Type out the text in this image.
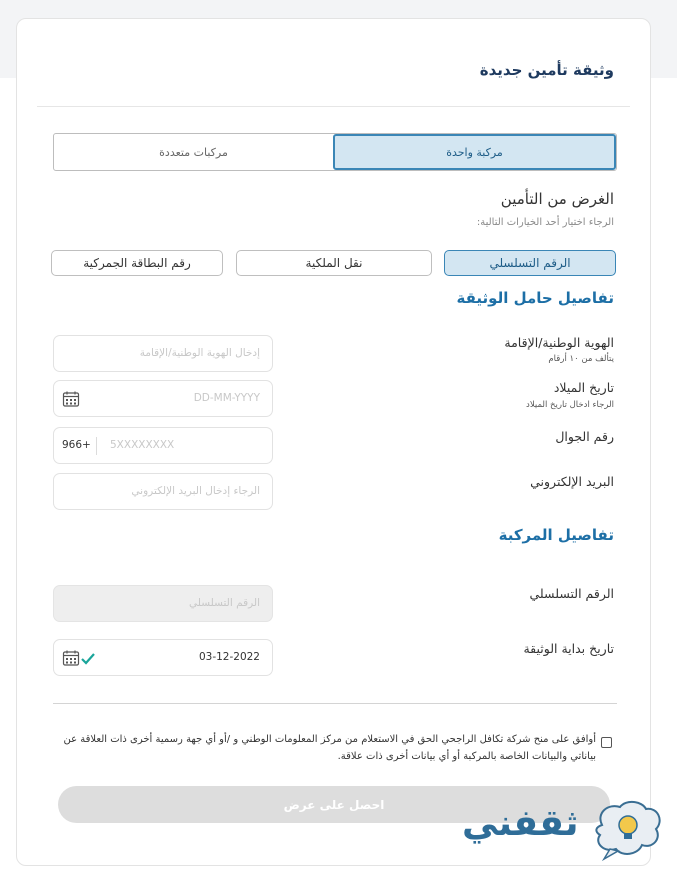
وثيقة تأمين جديدة
مركبة واحدة
مركبات متعددة
الغرض من التأمين
الرجاء اختيار أحد الخيارات التالية:
الرقم التسلسلي
نقل الملكية
رقم البطاقة الجمركية
تفاصيل حامل الوثيقة
الهوية الوطنية/الإقامة
يتألف من ١٠ أرقام
إدخال الهوية الوطنية/الإقامة
تاريخ الميلاد
الرجاء ادخال تاريخ الميلاد
DD-MM-YYYY
رقم الجوال
966+ 5XXXXXXXX
البريد الإلكتروني
الرجاء إدخال البريد الإلكتروني
تفاصيل المركبة
الرقم التسلسلي
الرقم التسلسلي
تاريخ بداية الوثيقة
03-12-2022
أوافق على منح شركة تكافل الراجحي الحق في الاستعلام من مركز المعلومات الوطني و /أو أي جهة رسمية أخرى ذات العلاقة عن بياناتي والبيانات الخاصة بالمركبة أو أي بيانات أخرى ذات علاقة.
احصل على عرض	ثقفني
